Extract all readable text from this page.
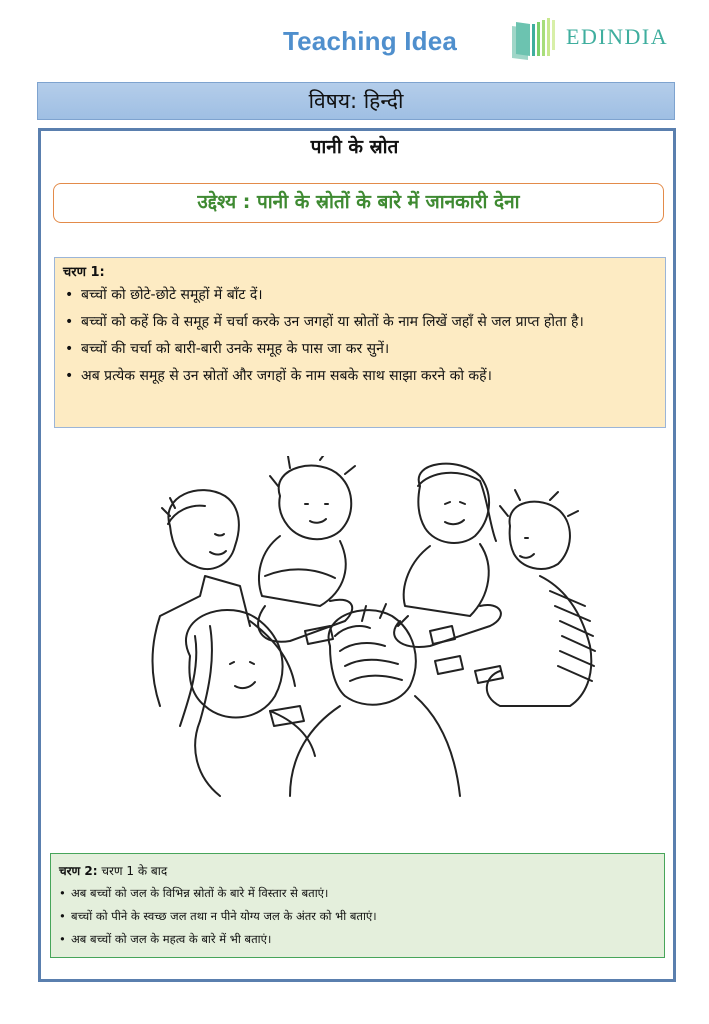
Teaching Idea	EDINDIA
विषय: हिन्दी
पानी के स्रोत
उद्देश्य : पानी के स्रोतों के बारे में जानकारी देना
चरण 1:
• बच्चों को छोटे-छोटे समूहों में बाँट दें।
• बच्चों को कहें कि वे समूह में चर्चा करके उन जगहों या स्रोतों के नाम लिखें जहाँ से जल प्राप्त होता है।
• बच्चों की चर्चा को बारी-बारी उनके समूह के पास जा कर सुनें।
• अब प्रत्येक समूह से उन स्रोतों और जगहों के नाम सबके साथ साझा करने को कहें।
चरण 2: चरण 1 के बाद
• अब बच्चों को जल के विभिन्न स्रोतों के बारे में विस्तार से बताएं।
• बच्चों को पीने के स्वच्छ जल तथा न पीने योग्य जल के अंतर को भी बताएं।
• अब बच्चों को जल के महत्व के बारे में भी बताएं।
